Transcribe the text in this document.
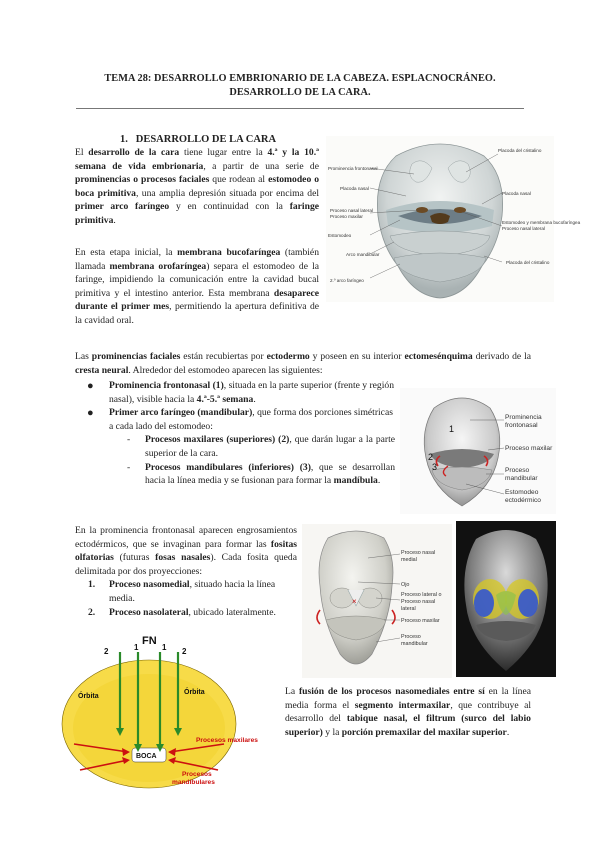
TEMA 28: DESARROLLO EMBRIONARIO DE LA CABEZA. ESPLACNOCRÁNEO.
DESARROLLO DE LA CARA.
1.   DESARROLLO DE LA CARA

El desarrollo de la cara tiene lugar entre la 4.ª y la 10.ª semana de vida embrionaria, a partir de una serie de prominencias o procesos faciales que rodean al estomodeo o boca primitiva, una amplia depresión situada por encima del primer arco faríngeo y en continuidad con la faringe primitiva.

En esta etapa inicial, la membrana bucofaríngea (también llamada membrana orofaríngea) separa el estomodeo de la faringe, impidiendo la comunicación entre la cavidad bucal primitiva y el intestino anterior. Esta membrana desaparece durante el primer mes, permitiendo la apertura definitiva de la cavidad oral.

Prominencia frontonasal
Placoda nasal
Proceso nasal lateral
Proceso maxilar
Estomodeo
Arco mandibular
2.º arco faríngeo
Placoda del cristalino
Placoda nasal
Estomodeo y membrana bucofaríngea
Proceso nasal lateral
Placoda del cristalino

Las prominencias faciales están recubiertas por ectodermo y poseen en su interior ectomesénquima derivado de la cresta neural. Alrededor del estomodeo aparecen las siguientes:

● Prominencia frontonasal (1), situada en la parte superior (frente y región nasal), visible hacia la 4.ª-5.ª semana.
● Primer arco faríngeo (mandibular), que forma dos porciones simétricas a cada lado del estomodeo:
- Procesos maxilares (superiores) (2), que darán lugar a la parte superior de la cara.
- Procesos mandibulares (inferiores) (3), que se desarrollan hacia la línea media y se fusionan para formar la mandíbula.
1
2
3
Prominencia
frontonasal
Proceso maxilar
Proceso
mandibular
Estomodeo
ectodérmico

En la prominencia frontonasal aparecen engrosamientos ectodérmicos, que se invaginan para formar las fositas olfatorias (futuras fosas nasales). Cada fosita queda delimitada por dos proyecciones:

1. Proceso nasomedial, situado hacia la línea media.
2. Proceso nasolateral, ubicado lateralmente.
×
Proceso nasal
medial
Ojo
Proceso lateral o
Proceso nasal
lateral
Proceso maxilar
Proceso
mandibular
FN
2	1	1 2
Órbita
Órbita
BOCA
Procesos maxilares
Procesos
mandibulares

La fusión de los procesos nasomediales entre sí en la línea media forma el segmento intermaxilar, que contribuye al desarrollo del tabique nasal, el filtrum (surco del labio superior) y la porción premaxilar del maxilar superior.
